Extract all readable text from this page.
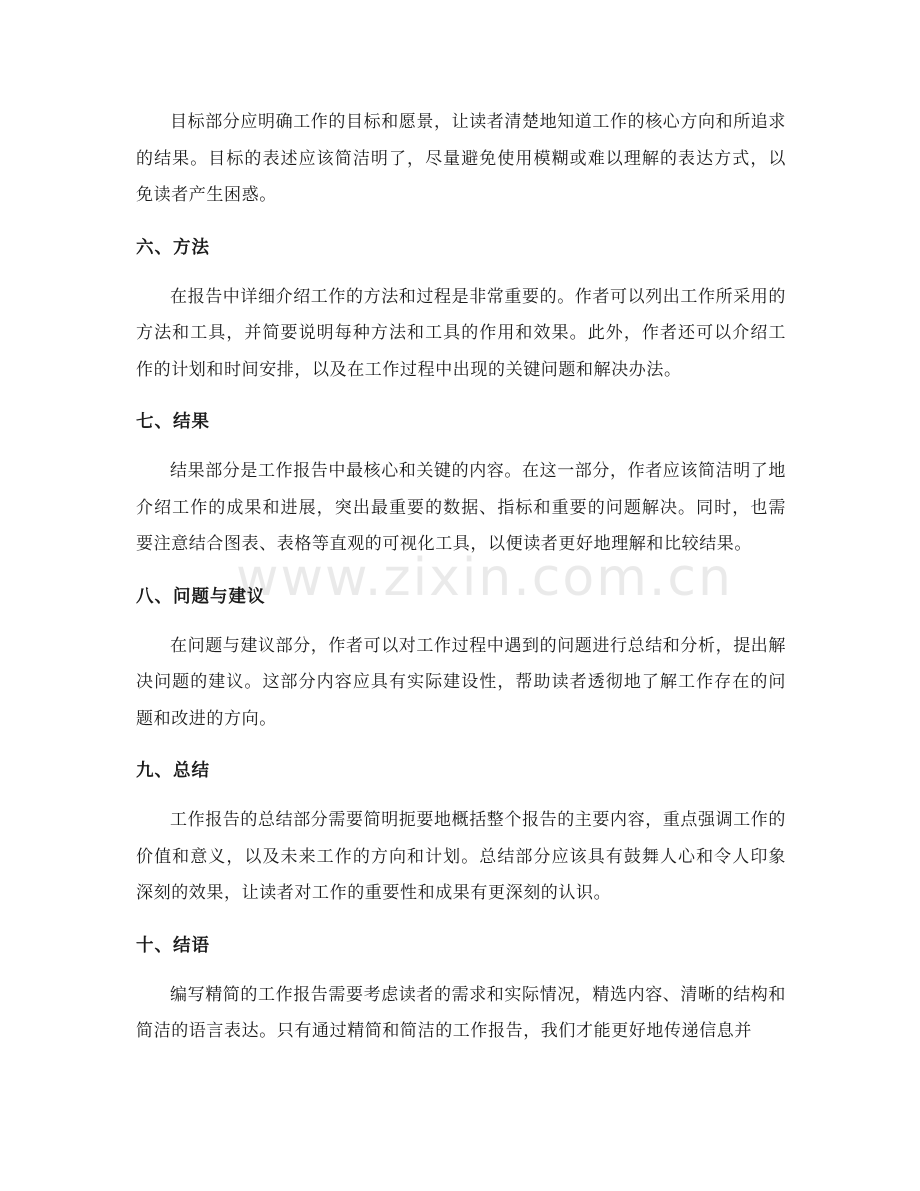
www.zixin.com.cn

目标部分应明确工作的目标和愿景，让读者清楚地知道工作的核心方向和所追求的结果。目标的表述应该简洁明了，尽量避免使用模糊或难以理解的表达方式，以免读者产生困惑。

六、方法

在报告中详细介绍工作的方法和过程是非常重要的。作者可以列出工作所采用的方法和工具，并简要说明每种方法和工具的作用和效果。此外，作者还可以介绍工作的计划和时间安排，以及在工作过程中出现的关键问题和解决办法。

七、结果

结果部分是工作报告中最核心和关键的内容。在这一部分，作者应该简洁明了地介绍工作的成果和进展，突出最重要的数据、指标和重要的问题解决。同时，也需要注意结合图表、表格等直观的可视化工具，以便读者更好地理解和比较结果。

八、问题与建议

在问题与建议部分，作者可以对工作过程中遇到的问题进行总结和分析，提出解决问题的建议。这部分内容应具有实际建设性，帮助读者透彻地了解工作存在的问题和改进的方向。

九、总结

工作报告的总结部分需要简明扼要地概括整个报告的主要内容，重点强调工作的价值和意义，以及未来工作的方向和计划。总结部分应该具有鼓舞人心和令人印象深刻的效果，让读者对工作的重要性和成果有更深刻的认识。

十、结语

编写精简的工作报告需要考虑读者的需求和实际情况，精选内容、清晰的结构和简洁的语言表达。只有通过精简和简洁的工作报告，我们才能更好地传递信息并
